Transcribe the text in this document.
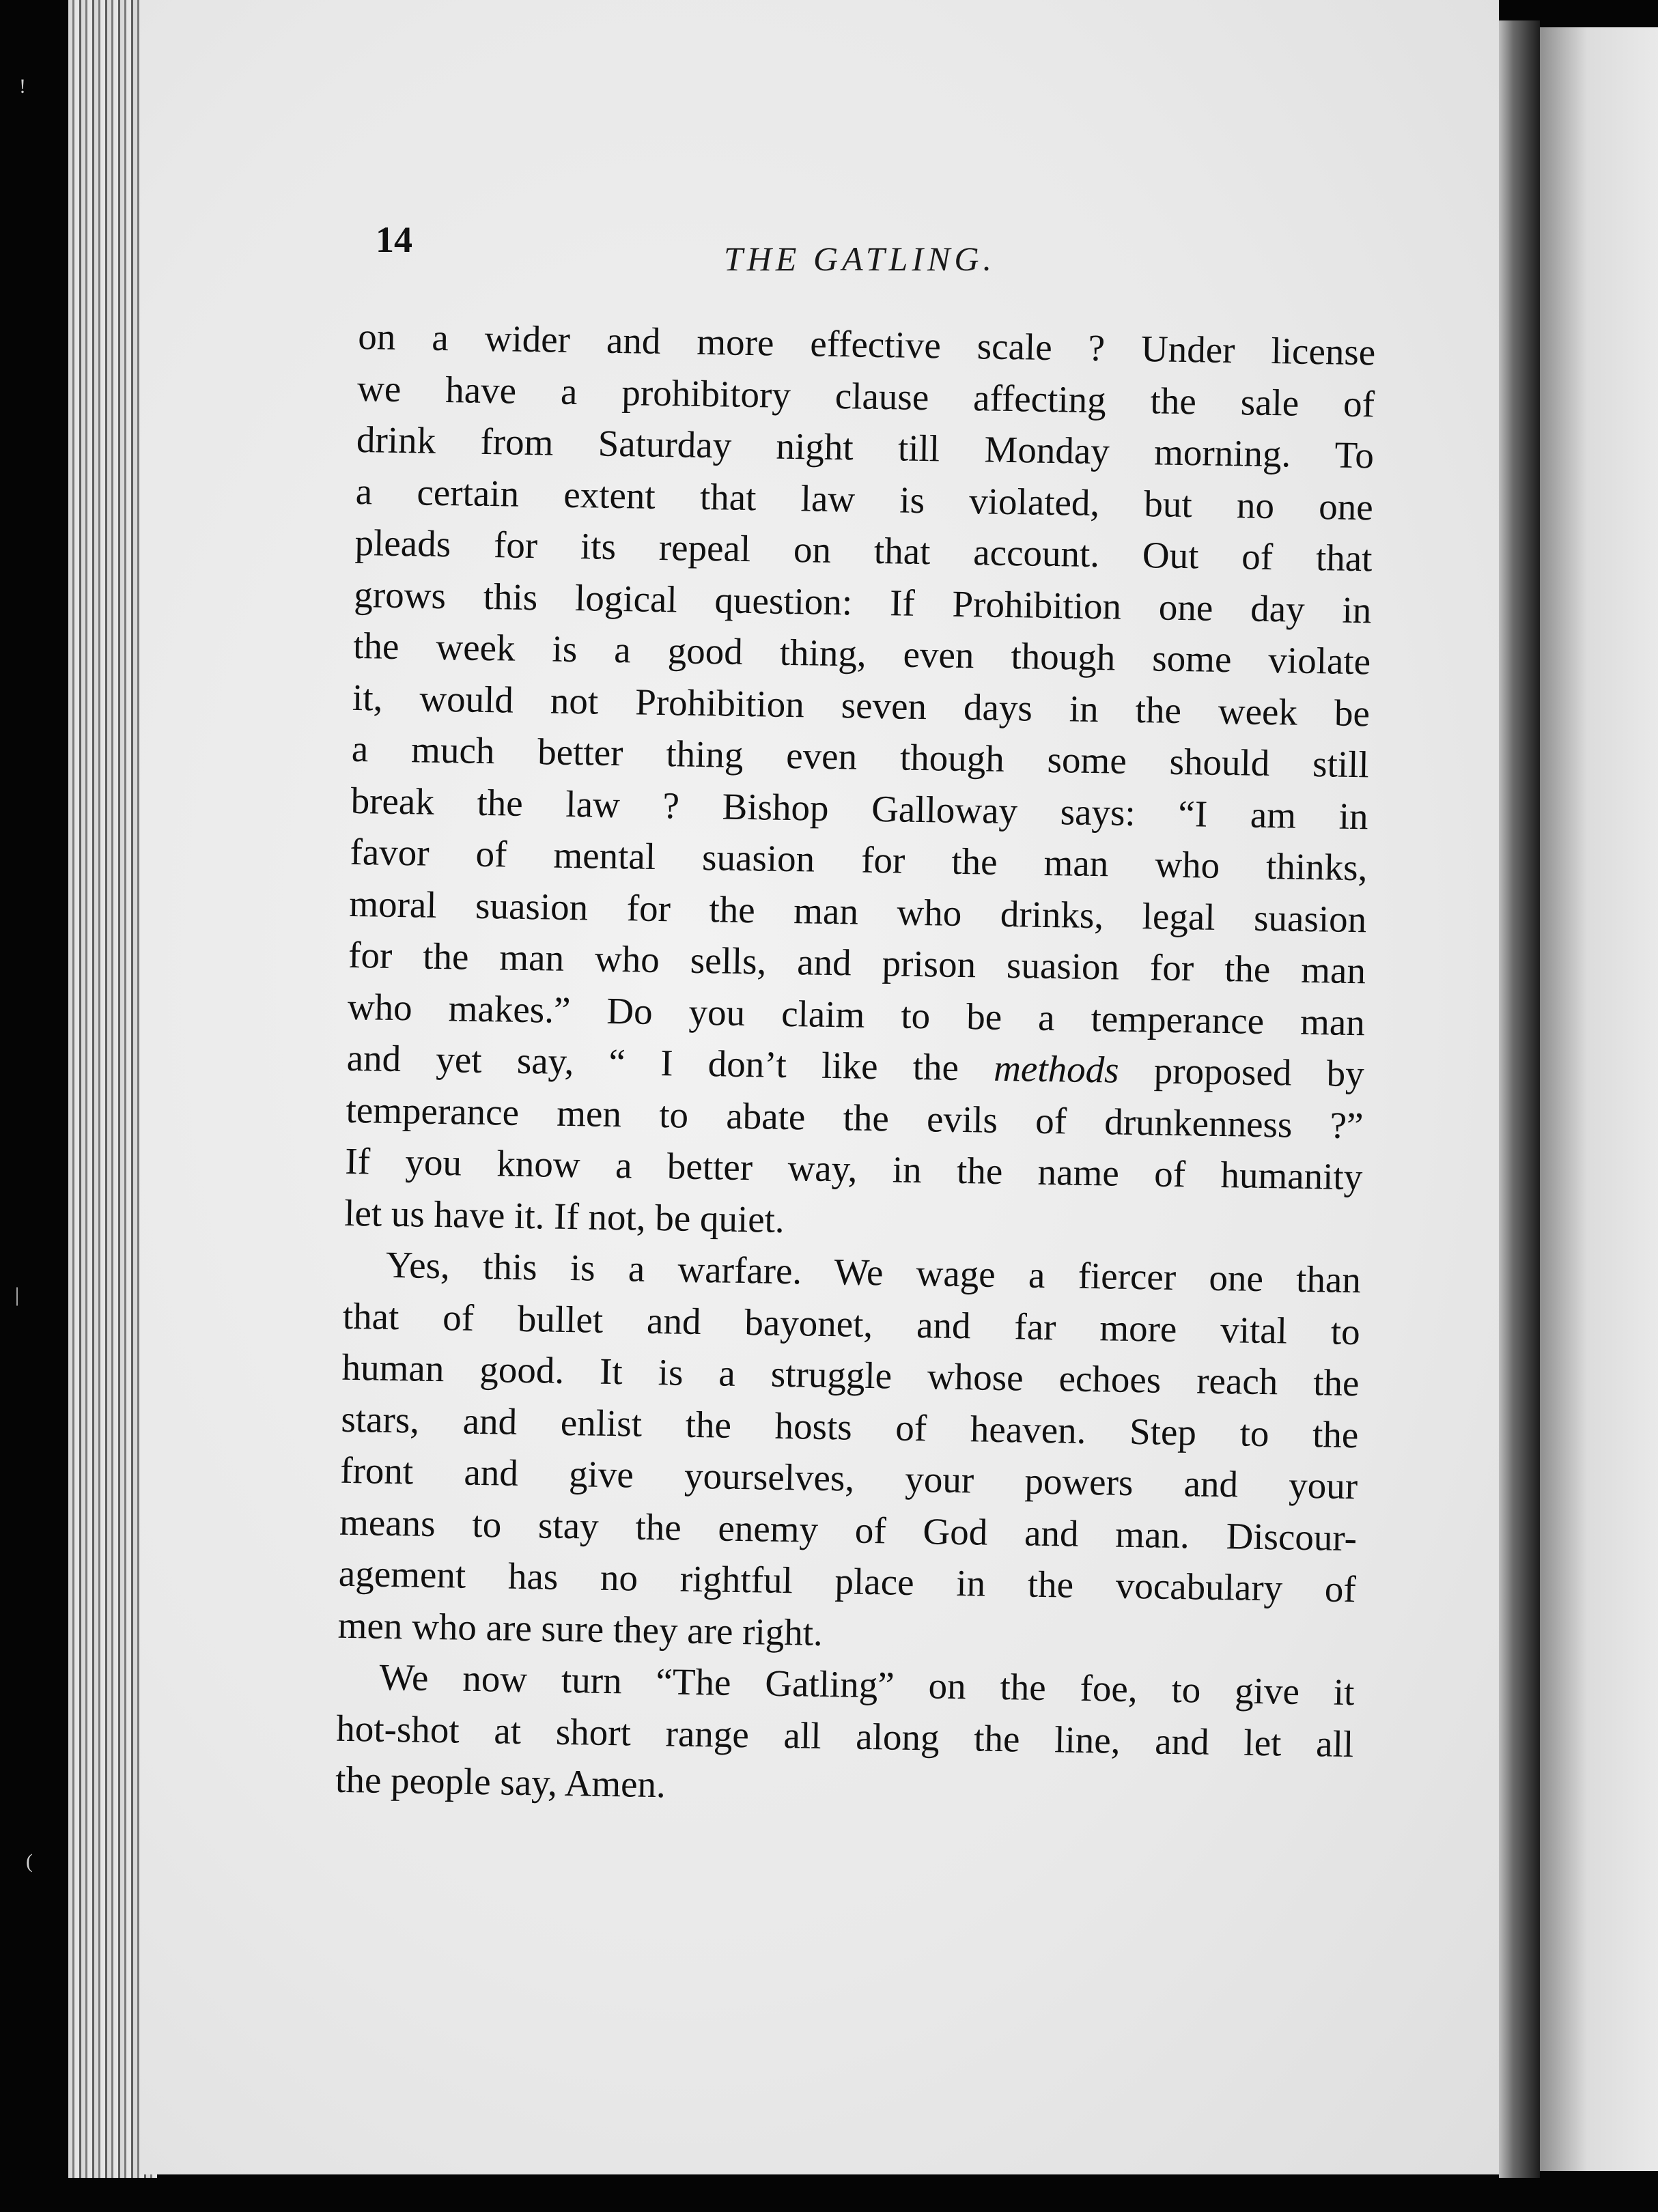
!
|
(
14	THE GATLING.
on a wider and more effective scale ? Under license
we have a prohibitory clause affecting the sale of
drink from Saturday night till Monday morning. To
a certain extent that law is violated, but no one
pleads for its repeal on that account. Out of that
grows this logical question: If Prohibition one day in
the week is a good thing, even though some violate
it, would not Prohibition seven days in the week be
a much better thing even though some should still
break the law ? Bishop Galloway says: “I am in
favor of mental suasion for the man who thinks,
moral suasion for the man who drinks, legal suasion
for the man who sells, and prison suasion for the man
who makes.” Do you claim to be a temperance man
and yet say, “ I don’t like the methods proposed by
temperance men to abate the evils of drunkenness ?”
If you know a better way, in the name of humanity
let us have it. If not, be quiet.
Yes, this is a warfare. We wage a fiercer one than
that of bullet and bayonet, and far more vital to
human good. It is a struggle whose echoes reach the
stars, and enlist the hosts of heaven. Step to the
front and give yourselves, your powers and your
means to stay the enemy of God and man. Discour-
agement has no rightful place in the vocabulary of
men who are sure they are right.
We now turn “The Gatling” on the foe, to give it
hot-shot at short range all along the line, and let all
the people say, Amen.
